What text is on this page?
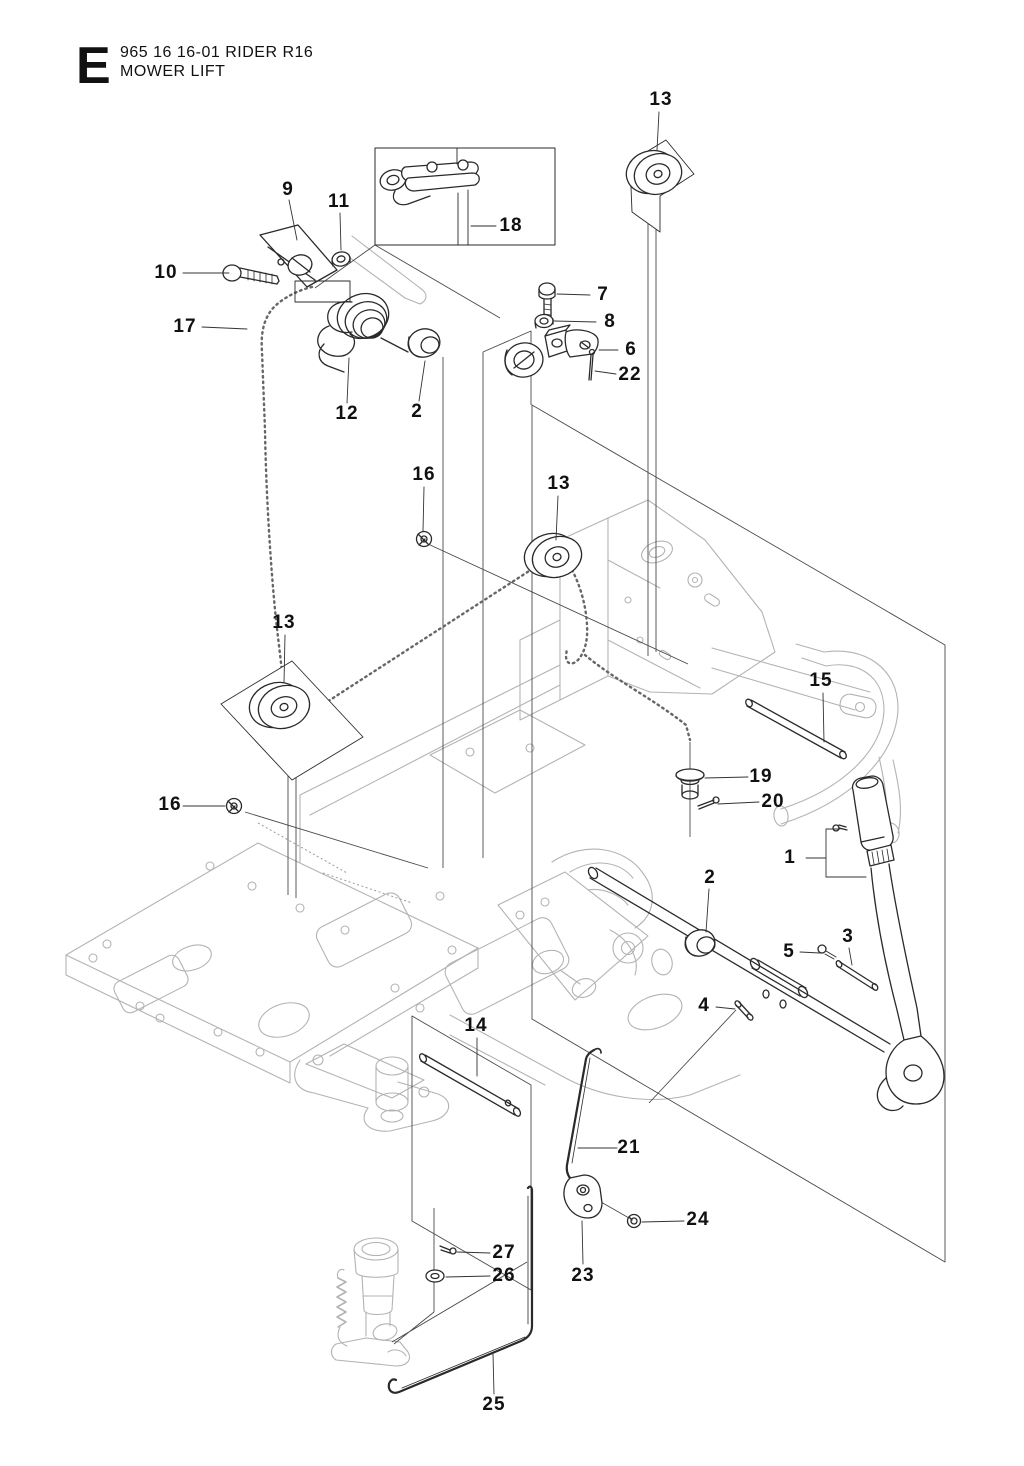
E 965 16 16-01 RIDER R16
MOWER LIFT
13
9
11
18
10
7
8
17
6
22
12	2
16	13
13
15
19
20
16
1
2
3
5
4
14
21
24
27
26	23
25
